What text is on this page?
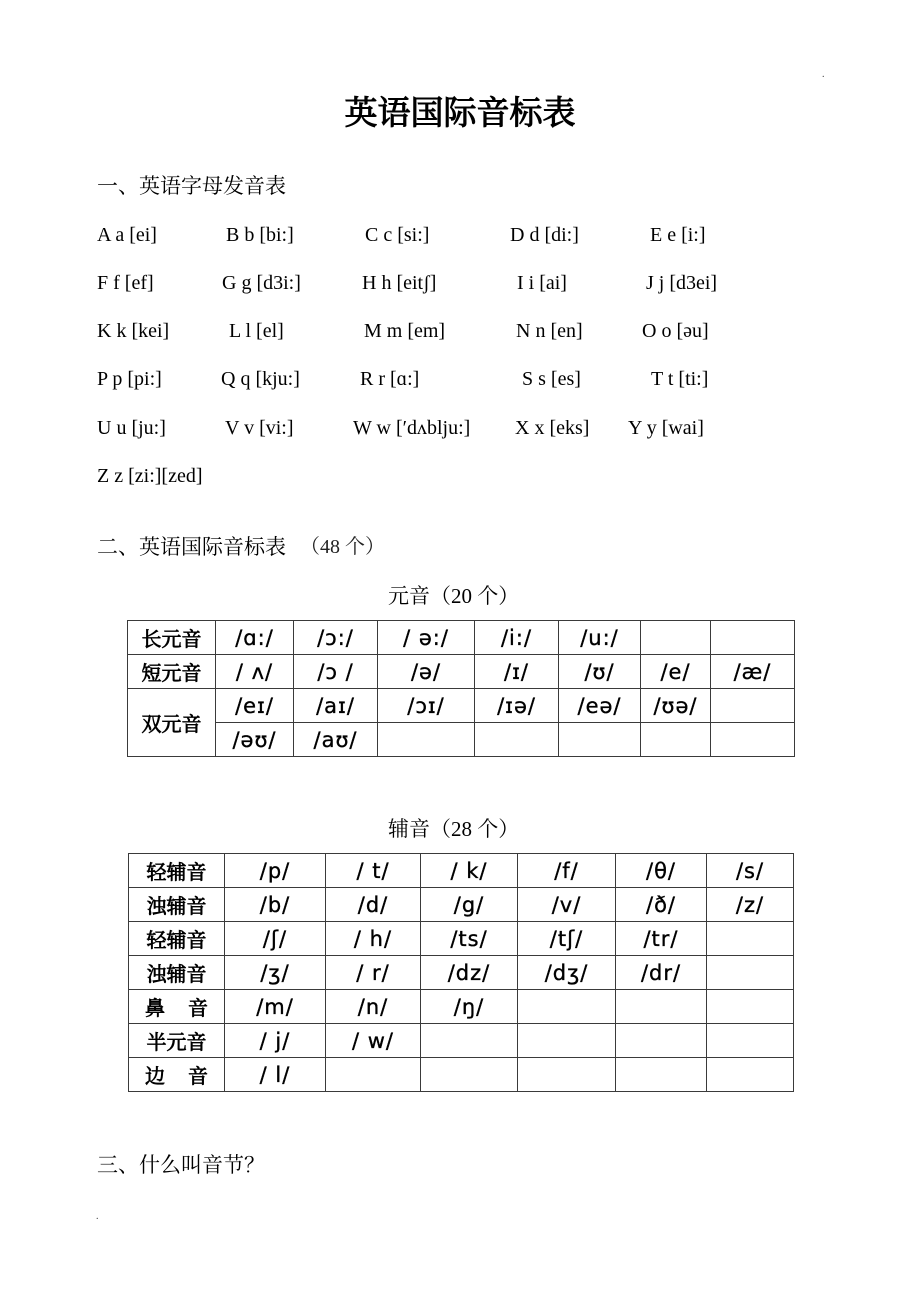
.
英语国际音标表
一、英语字母发音表
A a [ei]	B b [bi:]	C c [si:]	D d [di:]	E e [i:]
F f [ef]	G g [d3i:]	H h [eitʃ]	I i [ai]	J j [d3ei]
K k [kei]	L l [el]	M m [em]	N n [en]	O o [əu]
P p [pi:]	Q q [kju:]	R r [ɑ:]	S s [es]	T t [ti:]
U u [ju:]	V v [vi:]	W w [′dʌblju:] X x [eks] Y y [wai]
Z z [zi:][zed]
二、英语国际音标表 （48 个）
元音（20 个）
长元音	/ɑ:/	/ɔ:/	/ ə:/	/i:/	/u:/		
短元音	/ ʌ/	/ɔ /	/ə/	/ɪ/	/ʊ/	/e/	/æ/
双元音	/eɪ/	/aɪ/	/ɔɪ/	/ɪə/	/eə/	/ʊə/	
	/əʊ/	/aʊ/					
辅音（28 个）
轻辅音	/p/	/ t/	/ k/	/f/	/θ/	/s/
浊辅音	/b/	/d/	/g/	/v/	/ð/	/z/
轻辅音	/ʃ/	/ h/	/ts/	/tʃ/	/tr/	
浊辅音	/ʒ/	/ r/	/dz/	/dʒ/	/dr/	
鼻 音	/m/	/n/	/ŋ/			
半元音	/ j/	/ w/				
边 音	/ l/					
三、什么叫音节？
.
